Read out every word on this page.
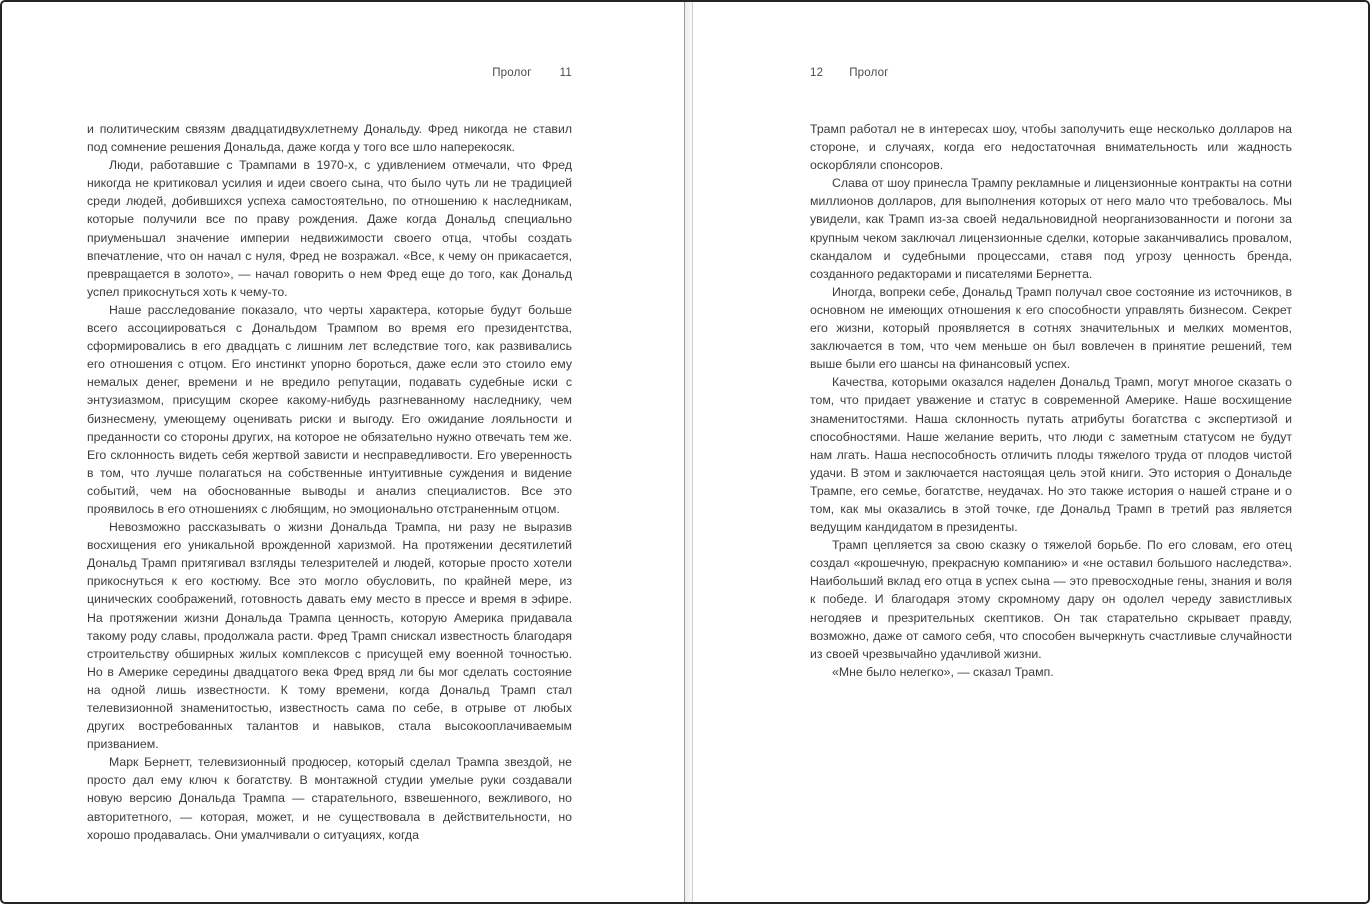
Пролог 11

и политическим связям двадцатидвухлетнему Дональду. Фред никогда не ставил под сомнение решения Дональда, даже когда у того все шло наперекосяк.

Люди, работавшие с Трампами в 1970-х, с удивлением отмечали, что Фред никогда не критиковал усилия и идеи своего сына, что было чуть ли не традицией среди людей, добившихся успеха самостоятельно, по отношению к наследникам, которые получили все по праву рождения. Даже когда Дональд специально приуменьшал значение империи недвижимости своего отца, чтобы создать впечатление, что он начал с нуля, Фред не возражал. «Все, к чему он прикасается, превращается в золото», — начал говорить о нем Фред еще до того, как Дональд успел прикоснуться хоть к чему-то.

Наше расследование показало, что черты характера, которые будут больше всего ассоциироваться с Дональдом Трампом во время его президентства, сформировались в его двадцать с лишним лет вследствие того, как развивались его отношения с отцом. Его инстинкт упорно бороться, даже если это стоило ему немалых денег, времени и не вредило репутации, подавать судебные иски с энтузиазмом, присущим скорее какому-нибудь разгневанному наследнику, чем бизнесмену, умеющему оценивать риски и выгоду. Его ожидание лояльности и преданности со стороны других, на которое не обязательно нужно отвечать тем же. Его склонность видеть себя жертвой зависти и несправедливости. Его уверенность в том, что лучше полагаться на собственные интуитивные суждения и видение событий, чем на обоснованные выводы и анализ специалистов. Все это проявилось в его отношениях с любящим, но эмоционально отстраненным отцом.

Невозможно рассказывать о жизни Дональда Трампа, ни разу не выразив восхищения его уникальной врожденной харизмой. На протяжении десятилетий Дональд Трамп притягивал взгляды телезрителей и людей, которые просто хотели прикоснуться к его костюму. Все это могло обусловить, по крайней мере, из цинических соображений, готовность давать ему место в прессе и время в эфире. На протяжении жизни Дональда Трампа ценность, которую Америка придавала такому роду славы, продолжала расти. Фред Трамп снискал известность благодаря строительству обширных жилых комплексов с присущей ему военной точностью. Но в Америке середины двадцатого века Фред вряд ли бы мог сделать состояние на одной лишь известности. К тому времени, когда Дональд Трамп стал телевизионной знаменитостью, известность сама по себе, в отрыве от любых других востребованных талантов и навыков, стала высокооплачиваемым призванием.

Марк Бернетт, телевизионный продюсер, который сделал Трампа звездой, не просто дал ему ключ к богатству. В монтажной студии умелые руки создавали новую версию Дональда Трампа — старательного, взвешенного, вежливого, но авторитетного, — которая, может, и не существовала в действительности, но хорошо продавалась. Они умалчивали о ситуациях, когда

12 Пролог

Трамп работал не в интересах шоу, чтобы заполучить еще несколько долларов на стороне, и случаях, когда его недостаточная внимательность или жадность оскорбляли спонсоров.

Слава от шоу принесла Трампу рекламные и лицензионные контракты на сотни миллионов долларов, для выполнения которых от него мало что требовалось. Мы увидели, как Трамп из-за своей недальновидной неорганизованности и погони за крупным чеком заключал лицензионные сделки, которые заканчивались провалом, скандалом и судебными процессами, ставя под угрозу ценность бренда, созданного редакторами и писателями Бернетта.

Иногда, вопреки себе, Дональд Трамп получал свое состояние из источников, в основном не имеющих отношения к его способности управлять бизнесом. Секрет его жизни, который проявляется в сотнях значительных и мелких моментов, заключается в том, что чем меньше он был вовлечен в принятие решений, тем выше были его шансы на финансовый успех.

Качества, которыми оказался наделен Дональд Трамп, могут многое сказать о том, что придает уважение и статус в современной Америке. Наше восхищение знаменитостями. Наша склонность путать атрибуты богатства с экспертизой и способностями. Наше желание верить, что люди с заметным статусом не будут нам лгать. Наша неспособность отличить плоды тяжелого труда от плодов чистой удачи. В этом и заключается настоящая цель этой книги. Это история о Дональде Трампе, его семье, богатстве, неудачах. Но это также история о нашей стране и о том, как мы оказались в этой точке, где Дональд Трамп в третий раз является ведущим кандидатом в президенты.

Трамп цепляется за свою сказку о тяжелой борьбе. По его словам, его отец создал «крошечную, прекрасную компанию» и «не оставил большого наследства». Наибольший вклад его отца в успех сына — это превосходные гены, знания и воля к победе. И благодаря этому скромному дару он одолел череду завистливых негодяев и презрительных скептиков. Он так старательно скрывает правду, возможно, даже от самого себя, что способен вычеркнуть счастливые случайности из своей чрезвычайно удачливой жизни.

«Мне было нелегко», — сказал Трамп.
